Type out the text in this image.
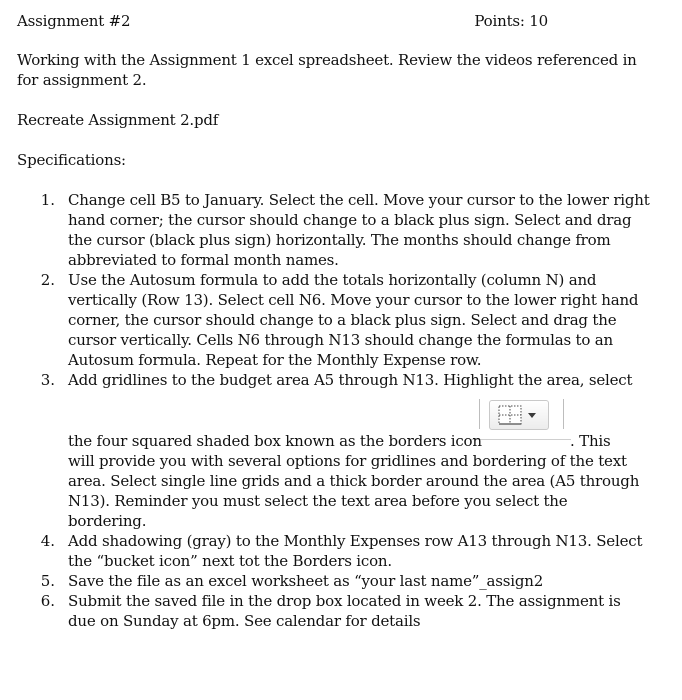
Assignment #2	Points: 10
Working with the Assignment 1 excel spreadsheet. Review the videos referenced in
for assignment 2.
Recreate Assignment 2.pdf
Specifications:
1. Change cell B5 to January. Select the cell. Move your cursor to the lower right
hand corner; the cursor should change to a black plus sign. Select and drag
the cursor (black plus sign) horizontally. The months should change from
abbreviated to formal month names.
2. Use the Autosum formula to add the totals horizontally (column N) and
vertically (Row 13). Select cell N6. Move your cursor to the lower right hand
corner, the cursor should change to a black plus sign. Select and drag the
cursor vertically. Cells N6 through N13 should change the formulas to an
Autosum formula. Repeat for the Monthly Expense row.
3. Add gridlines to the budget area A5 through N13. Highlight the area, select
the four squared shaded box known as the borders icon	. This
will provide you with several options for gridlines and bordering of the text
area. Select single line grids and a thick border around the area (A5 through
N13). Reminder you must select the text area before you select the
bordering.
4. Add shadowing (gray) to the Monthly Expenses row A13 through N13. Select
the “bucket icon” next tot the Borders icon.
5. Save the file as an excel worksheet as “your last name”_assign2
6. Submit the saved file in the drop box located in week 2. The assignment is
due on Sunday at 6pm. See calendar for details
